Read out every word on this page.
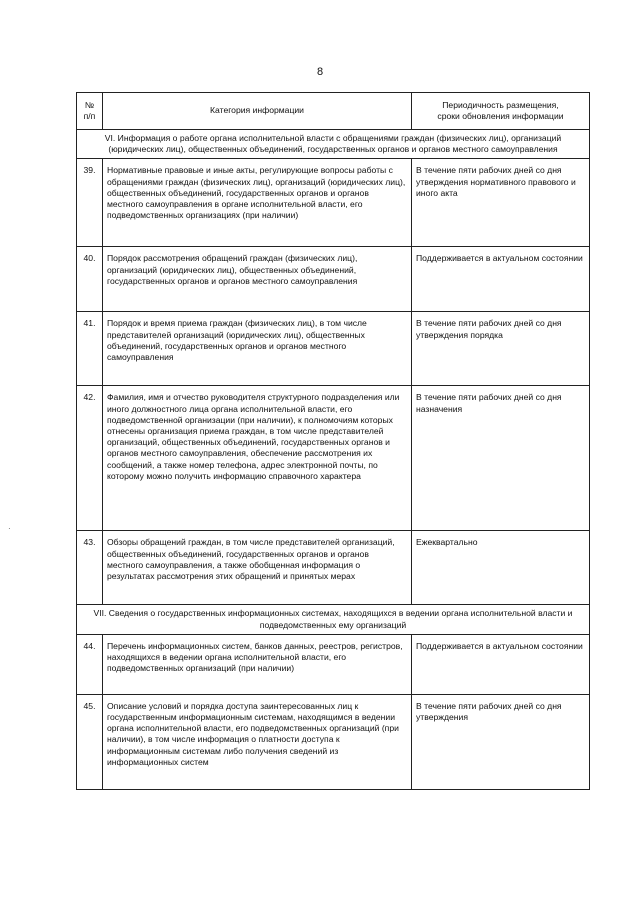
8
·
№
п/п	Категория информации	Периодичность размещения,
сроки обновления информации
VI. Информация о работе органа исполнительной власти с обращениями граждан (физических лиц), организаций (юридических лиц), общественных объединений, государственных органов и органов местного самоуправления		
39.	Нормативные правовые и иные акты, регулирующие вопросы работы с обращениями граждан (физических лиц), организаций (юридических лиц), общественных объединений, государственных органов и органов местного самоуправления в органе исполнительной власти, его подведомственных организациях (при наличии)	В течение пяти рабочих дней со дня утверждения нормативного правового и иного акта
40.	Порядок рассмотрения обращений граждан (физических лиц), организаций (юридических лиц), общественных объединений, государственных органов и органов местного самоуправления	Поддерживается в актуальном состоянии
41.	Порядок и время приема граждан (физических лиц), в том числе представителей организаций (юридических лиц), общественных объединений, государственных органов и органов местного самоуправления	В течение пяти рабочих дней со дня утверждения порядка
42.	Фамилия, имя и отчество руководителя структурного подразделения или иного должностного лица органа исполнительной власти, его подведомственной организации (при наличии), к полномочиям которых отнесены организация приема граждан, в том числе представителей организаций, общественных объединений, государственных органов и органов местного самоуправления, обеспечение рассмотрения их сообщений, а также номер телефона, адрес электронной почты, по которому можно получить информацию справочного характера	В течение пяти рабочих дней со дня назначения
43.	Обзоры обращений граждан, в том числе представителей организаций, общественных объединений, государственных органов и органов местного самоуправления, а также обобщенная информация о результатах рассмотрения этих обращений и принятых мерах	Ежеквартально
VII. Сведения о государственных информационных системах, находящихся в ведении органа исполнительной власти и подведомственных ему организаций		
44.	Перечень информационных систем, банков данных, реестров, регистров, находящихся в ведении органа исполнительной власти, его подведомственных организаций (при наличии)	Поддерживается в актуальном состоянии
45.	Описание условий и порядка доступа заинтересованных лиц к государственным информационным системам, находящимся в ведении органа исполнительной власти, его подведомственных организаций (при наличии), в том числе информация о платности доступа к информационным системам либо получения сведений из информационных систем	В течение пяти рабочих дней со дня утверждения
